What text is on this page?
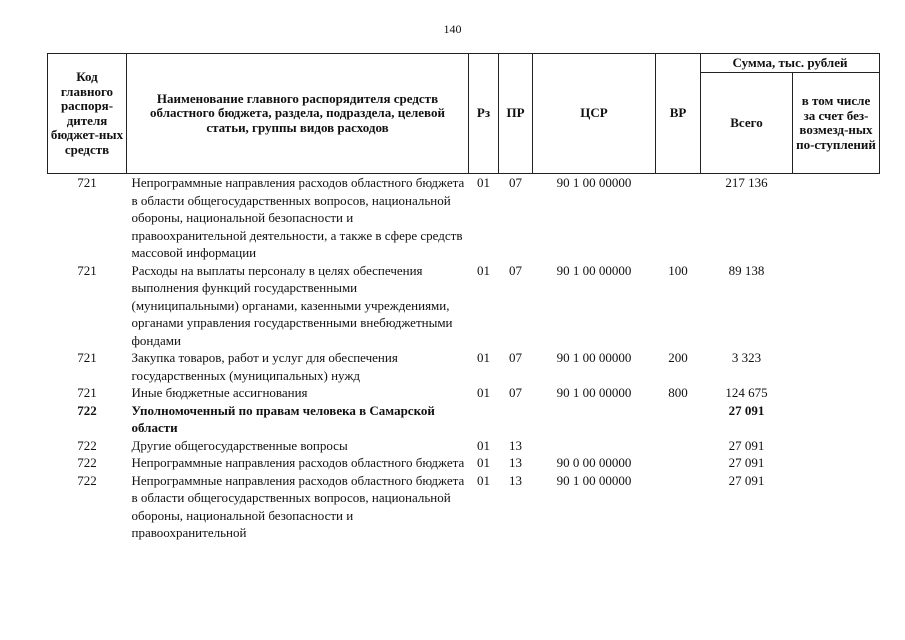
140
Код главного распоря-дителя бюджет-ных средств	Наименование главного распорядителя средств областного бюджета, раздела, подраздела, целевой статьи, группы видов расходов	Рз	ПР	ЦСР	ВР	Сумма, тыс. рублей	
						Всего	в том числе за счет без-возмезд-ных по-ступлений
721	Непрограммные направления расходов областного бюджета в области общегосударственных вопросов, национальной обороны, национальной безопасности и правоохранительной деятельности, а также в сфере средств массовой информации	01	07	90 1 00 00000		217 136	
721	Расходы на выплаты персоналу в целях обеспечения выполнения функций государственными (муниципальными) органами, казенными учреждениями, органами управления государственными внебюджетными фондами	01	07	90 1 00 00000	100	89 138	
721	Закупка товаров, работ и услуг для обеспечения государственных (муниципальных) нужд	01	07	90 1 00 00000	200	3 323	
721	Иные бюджетные ассигнования	01	07	90 1 00 00000	800	124 675	
722	Уполномоченный по правам человека в Самарской области					27 091	
722	Другие общегосударственные вопросы	01	13			27 091	
722	Непрограммные направления расходов областного бюджета	01	13	90 0 00 00000		27 091	
722	Непрограммные направления расходов областного бюджета в области общегосударственных вопросов, национальной обороны, национальной безопасности и правоохранительной	01	13	90 1 00 00000		27 091	
